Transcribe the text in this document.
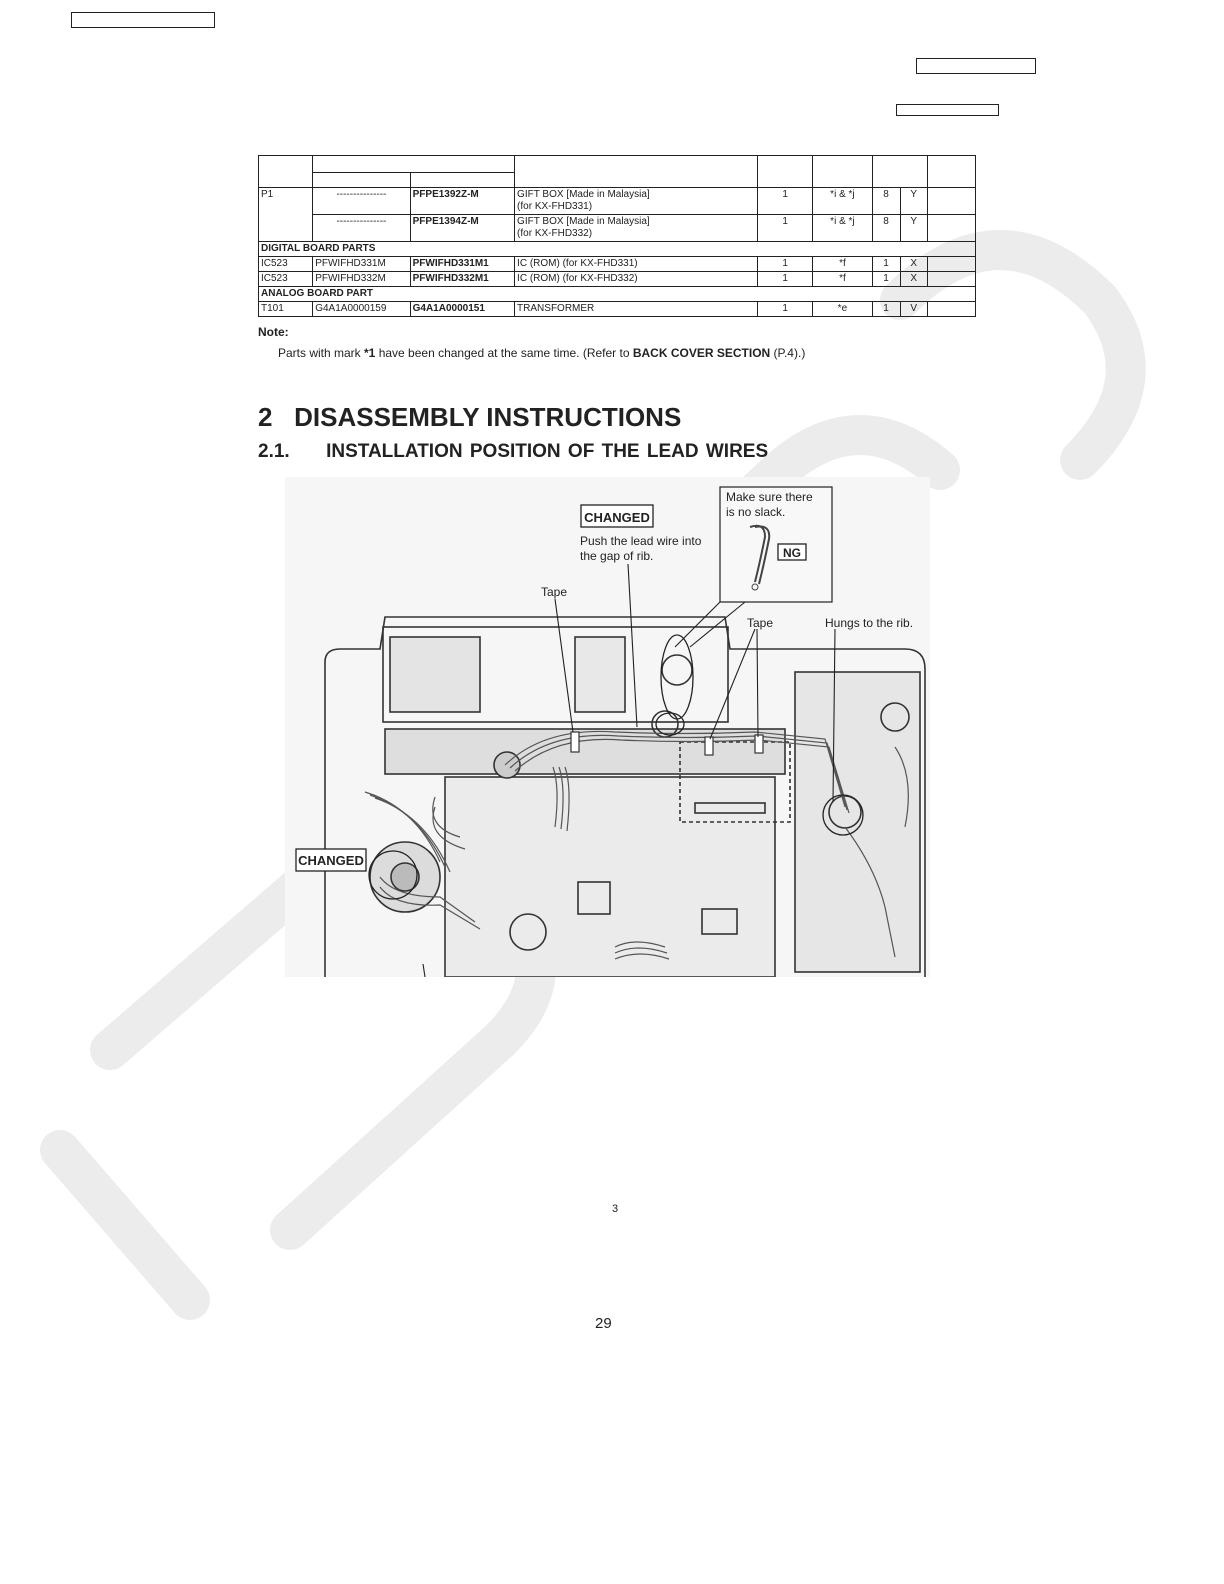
P1	---------------	PFPE1392Z-M	GIFT BOX [Made in Malaysia]
(for KX-FHD331)	1	*i & *j	8	Y	
	---------------	PFPE1394Z-M	GIFT BOX [Made in Malaysia]
(for KX-FHD332)	1	*i & *j	8	Y	
DIGITAL BOARD PARTS								
IC523	PFWIFHD331M	PFWIFHD331M1	IC (ROM) (for KX-FHD331)	1	*f	1	X	
IC523	PFWIFHD332M	PFWIFHD332M1	IC (ROM) (for KX-FHD332)	1	*f	1	X	
ANALOG BOARD PART								
T101	G4A1A0000159	G4A1A0000151	TRANSFORMER	1	*e	1	V	
Note:
Parts with mark *1 have been changed at the same time. (Refer to BACK COVER SECTION (P.4).)
2   DISASSEMBLY INSTRUCTIONS
2.1.     INSTALLATION POSITION OF THE LEAD WIRES
CHANGED
Push the lead wire into
the gap of rib.
Make sure there
is no slack.
NG
Tape
Tape	Hungs to the rib.
CHANGED
3
29
